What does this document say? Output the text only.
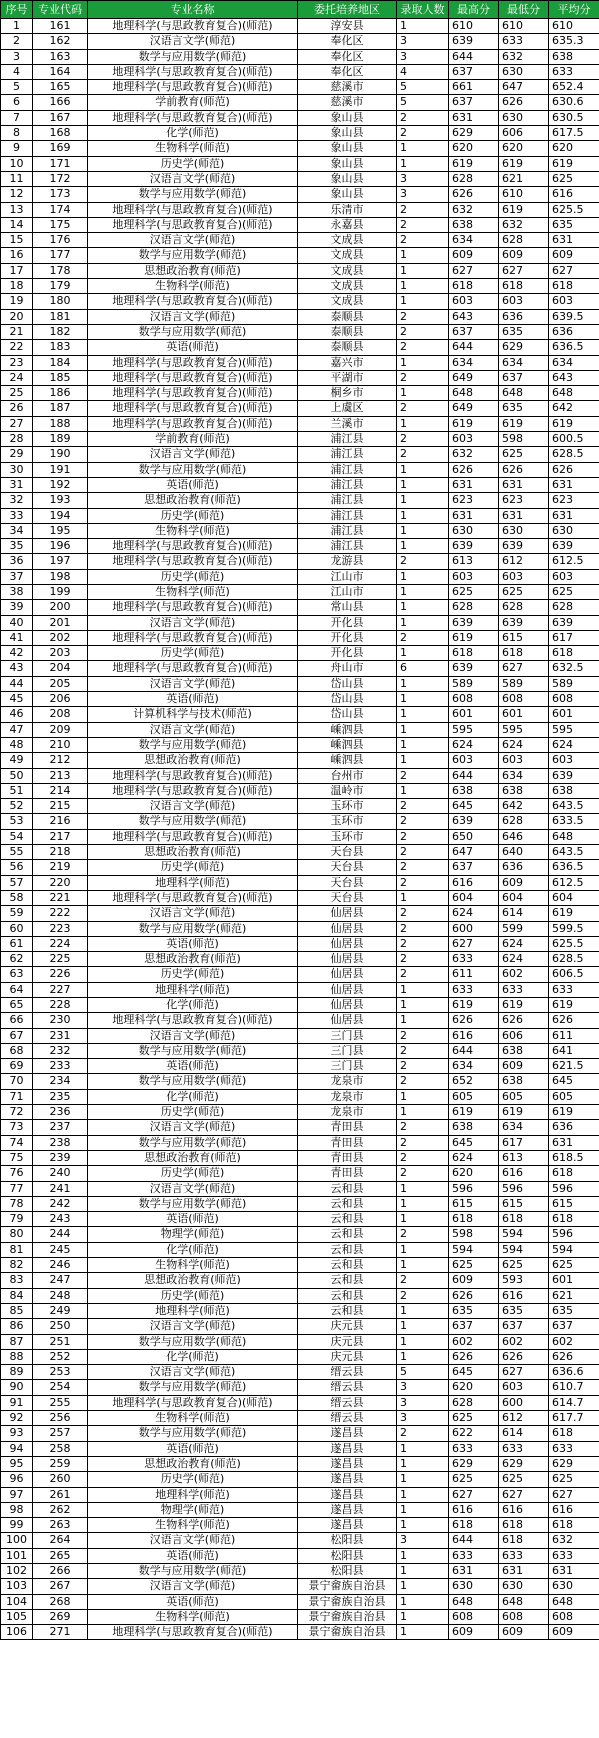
序号	专业代码	专业名称	委托培养地区	录取人数	最高分	最低分	平均分
1	161	地理科学(与思政教育复合)(师范)	淳安县	1	610	610	610
2	162	汉语言文学(师范)	奉化区	3	639	633	635.3
3	163	数学与应用数学(师范)	奉化区	3	644	632	638
4	164	地理科学(与思政教育复合)(师范)	奉化区	4	637	630	633
5	165	地理科学(与思政教育复合)(师范)	慈溪市	5	661	647	652.4
6	166	学前教育(师范)	慈溪市	5	637	626	630.6
7	167	地理科学(与思政教育复合)(师范)	象山县	2	631	630	630.5
8	168	化学(师范)	象山县	2	629	606	617.5
9	169	生物科学(师范)	象山县	1	620	620	620
10	171	历史学(师范)	象山县	1	619	619	619
11	172	汉语言文学(师范)	象山县	3	628	621	625
12	173	数学与应用数学(师范)	象山县	3	626	610	616
13	174	地理科学(与思政教育复合)(师范)	乐清市	2	632	619	625.5
14	175	地理科学(与思政教育复合)(师范)	永嘉县	2	638	632	635
15	176	汉语言文学(师范)	文成县	2	634	628	631
16	177	数学与应用数学(师范)	文成县	1	609	609	609
17	178	思想政治教育(师范)	文成县	1	627	627	627
18	179	生物科学(师范)	文成县	1	618	618	618
19	180	地理科学(与思政教育复合)(师范)	文成县	1	603	603	603
20	181	汉语言文学(师范)	泰顺县	2	643	636	639.5
21	182	数学与应用数学(师范)	泰顺县	2	637	635	636
22	183	英语(师范)	泰顺县	2	644	629	636.5
23	184	地理科学(与思政教育复合)(师范)	嘉兴市	1	634	634	634
24	185	地理科学(与思政教育复合)(师范)	平湖市	2	649	637	643
25	186	地理科学(与思政教育复合)(师范)	桐乡市	1	648	648	648
26	187	地理科学(与思政教育复合)(师范)	上虞区	2	649	635	642
27	188	地理科学(与思政教育复合)(师范)	兰溪市	1	619	619	619
28	189	学前教育(师范)	浦江县	2	603	598	600.5
29	190	汉语言文学(师范)	浦江县	2	632	625	628.5
30	191	数学与应用数学(师范)	浦江县	1	626	626	626
31	192	英语(师范)	浦江县	1	631	631	631
32	193	思想政治教育(师范)	浦江县	1	623	623	623
33	194	历史学(师范)	浦江县	1	631	631	631
34	195	生物科学(师范)	浦江县	1	630	630	630
35	196	地理科学(与思政教育复合)(师范)	浦江县	1	639	639	639
36	197	地理科学(与思政教育复合)(师范)	龙游县	2	613	612	612.5
37	198	历史学(师范)	江山市	1	603	603	603
38	199	生物科学(师范)	江山市	1	625	625	625
39	200	地理科学(与思政教育复合)(师范)	常山县	1	628	628	628
40	201	汉语言文学(师范)	开化县	1	639	639	639
41	202	地理科学(与思政教育复合)(师范)	开化县	2	619	615	617
42	203	历史学(师范)	开化县	1	618	618	618
43	204	地理科学(与思政教育复合)(师范)	舟山市	6	639	627	632.5
44	205	汉语言文学(师范)	岱山县	1	589	589	589
45	206	英语(师范)	岱山县	1	608	608	608
46	208	计算机科学与技术(师范)	岱山县	1	601	601	601
47	209	汉语言文学(师范)	嵊泗县	1	595	595	595
48	210	数学与应用数学(师范)	嵊泗县	1	624	624	624
49	212	思想政治教育(师范)	嵊泗县	1	603	603	603
50	213	地理科学(与思政教育复合)(师范)	台州市	2	644	634	639
51	214	地理科学(与思政教育复合)(师范)	温岭市	1	638	638	638
52	215	汉语言文学(师范)	玉环市	2	645	642	643.5
53	216	数学与应用数学(师范)	玉环市	2	639	628	633.5
54	217	地理科学(与思政教育复合)(师范)	玉环市	2	650	646	648
55	218	思想政治教育(师范)	天台县	2	647	640	643.5
56	219	历史学(师范)	天台县	2	637	636	636.5
57	220	地理科学(师范)	天台县	2	616	609	612.5
58	221	地理科学(与思政教育复合)(师范)	天台县	1	604	604	604
59	222	汉语言文学(师范)	仙居县	2	624	614	619
60	223	数学与应用数学(师范)	仙居县	2	600	599	599.5
61	224	英语(师范)	仙居县	2	627	624	625.5
62	225	思想政治教育(师范)	仙居县	2	633	624	628.5
63	226	历史学(师范)	仙居县	2	611	602	606.5
64	227	地理科学(师范)	仙居县	1	633	633	633
65	228	化学(师范)	仙居县	1	619	619	619
66	230	地理科学(与思政教育复合)(师范)	仙居县	1	626	626	626
67	231	汉语言文学(师范)	三门县	2	616	606	611
68	232	数学与应用数学(师范)	三门县	2	644	638	641
69	233	英语(师范)	三门县	2	634	609	621.5
70	234	数学与应用数学(师范)	龙泉市	2	652	638	645
71	235	化学(师范)	龙泉市	1	605	605	605
72	236	历史学(师范)	龙泉市	1	619	619	619
73	237	汉语言文学(师范)	青田县	2	638	634	636
74	238	数学与应用数学(师范)	青田县	2	645	617	631
75	239	思想政治教育(师范)	青田县	2	624	613	618.5
76	240	历史学(师范)	青田县	2	620	616	618
77	241	汉语言文学(师范)	云和县	1	596	596	596
78	242	数学与应用数学(师范)	云和县	1	615	615	615
79	243	英语(师范)	云和县	1	618	618	618
80	244	物理学(师范)	云和县	2	598	594	596
81	245	化学(师范)	云和县	1	594	594	594
82	246	生物科学(师范)	云和县	1	625	625	625
83	247	思想政治教育(师范)	云和县	2	609	593	601
84	248	历史学(师范)	云和县	2	626	616	621
85	249	地理科学(师范)	云和县	1	635	635	635
86	250	汉语言文学(师范)	庆元县	1	637	637	637
87	251	数学与应用数学(师范)	庆元县	1	602	602	602
88	252	化学(师范)	庆元县	1	626	626	626
89	253	汉语言文学(师范)	缙云县	5	645	627	636.6
90	254	数学与应用数学(师范)	缙云县	3	620	603	610.7
91	255	地理科学(与思政教育复合)(师范)	缙云县	3	628	600	614.7
92	256	生物科学(师范)	缙云县	3	625	612	617.7
93	257	数学与应用数学(师范)	遂昌县	2	622	614	618
94	258	英语(师范)	遂昌县	1	633	633	633
95	259	思想政治教育(师范)	遂昌县	1	629	629	629
96	260	历史学(师范)	遂昌县	1	625	625	625
97	261	地理科学(师范)	遂昌县	1	627	627	627
98	262	物理学(师范)	遂昌县	1	616	616	616
99	263	生物科学(师范)	遂昌县	1	618	618	618
100	264	汉语言文学(师范)	松阳县	3	644	618	632
101	265	英语(师范)	松阳县	1	633	633	633
102	266	数学与应用数学(师范)	松阳县	1	631	631	631
103	267	汉语言文学(师范)	景宁畲族自治县	1	630	630	630
104	268	英语(师范)	景宁畲族自治县	1	648	648	648
105	269	生物科学(师范)	景宁畲族自治县	1	608	608	608
106	271	地理科学(与思政教育复合)(师范)	景宁畲族自治县	1	609	609	609
